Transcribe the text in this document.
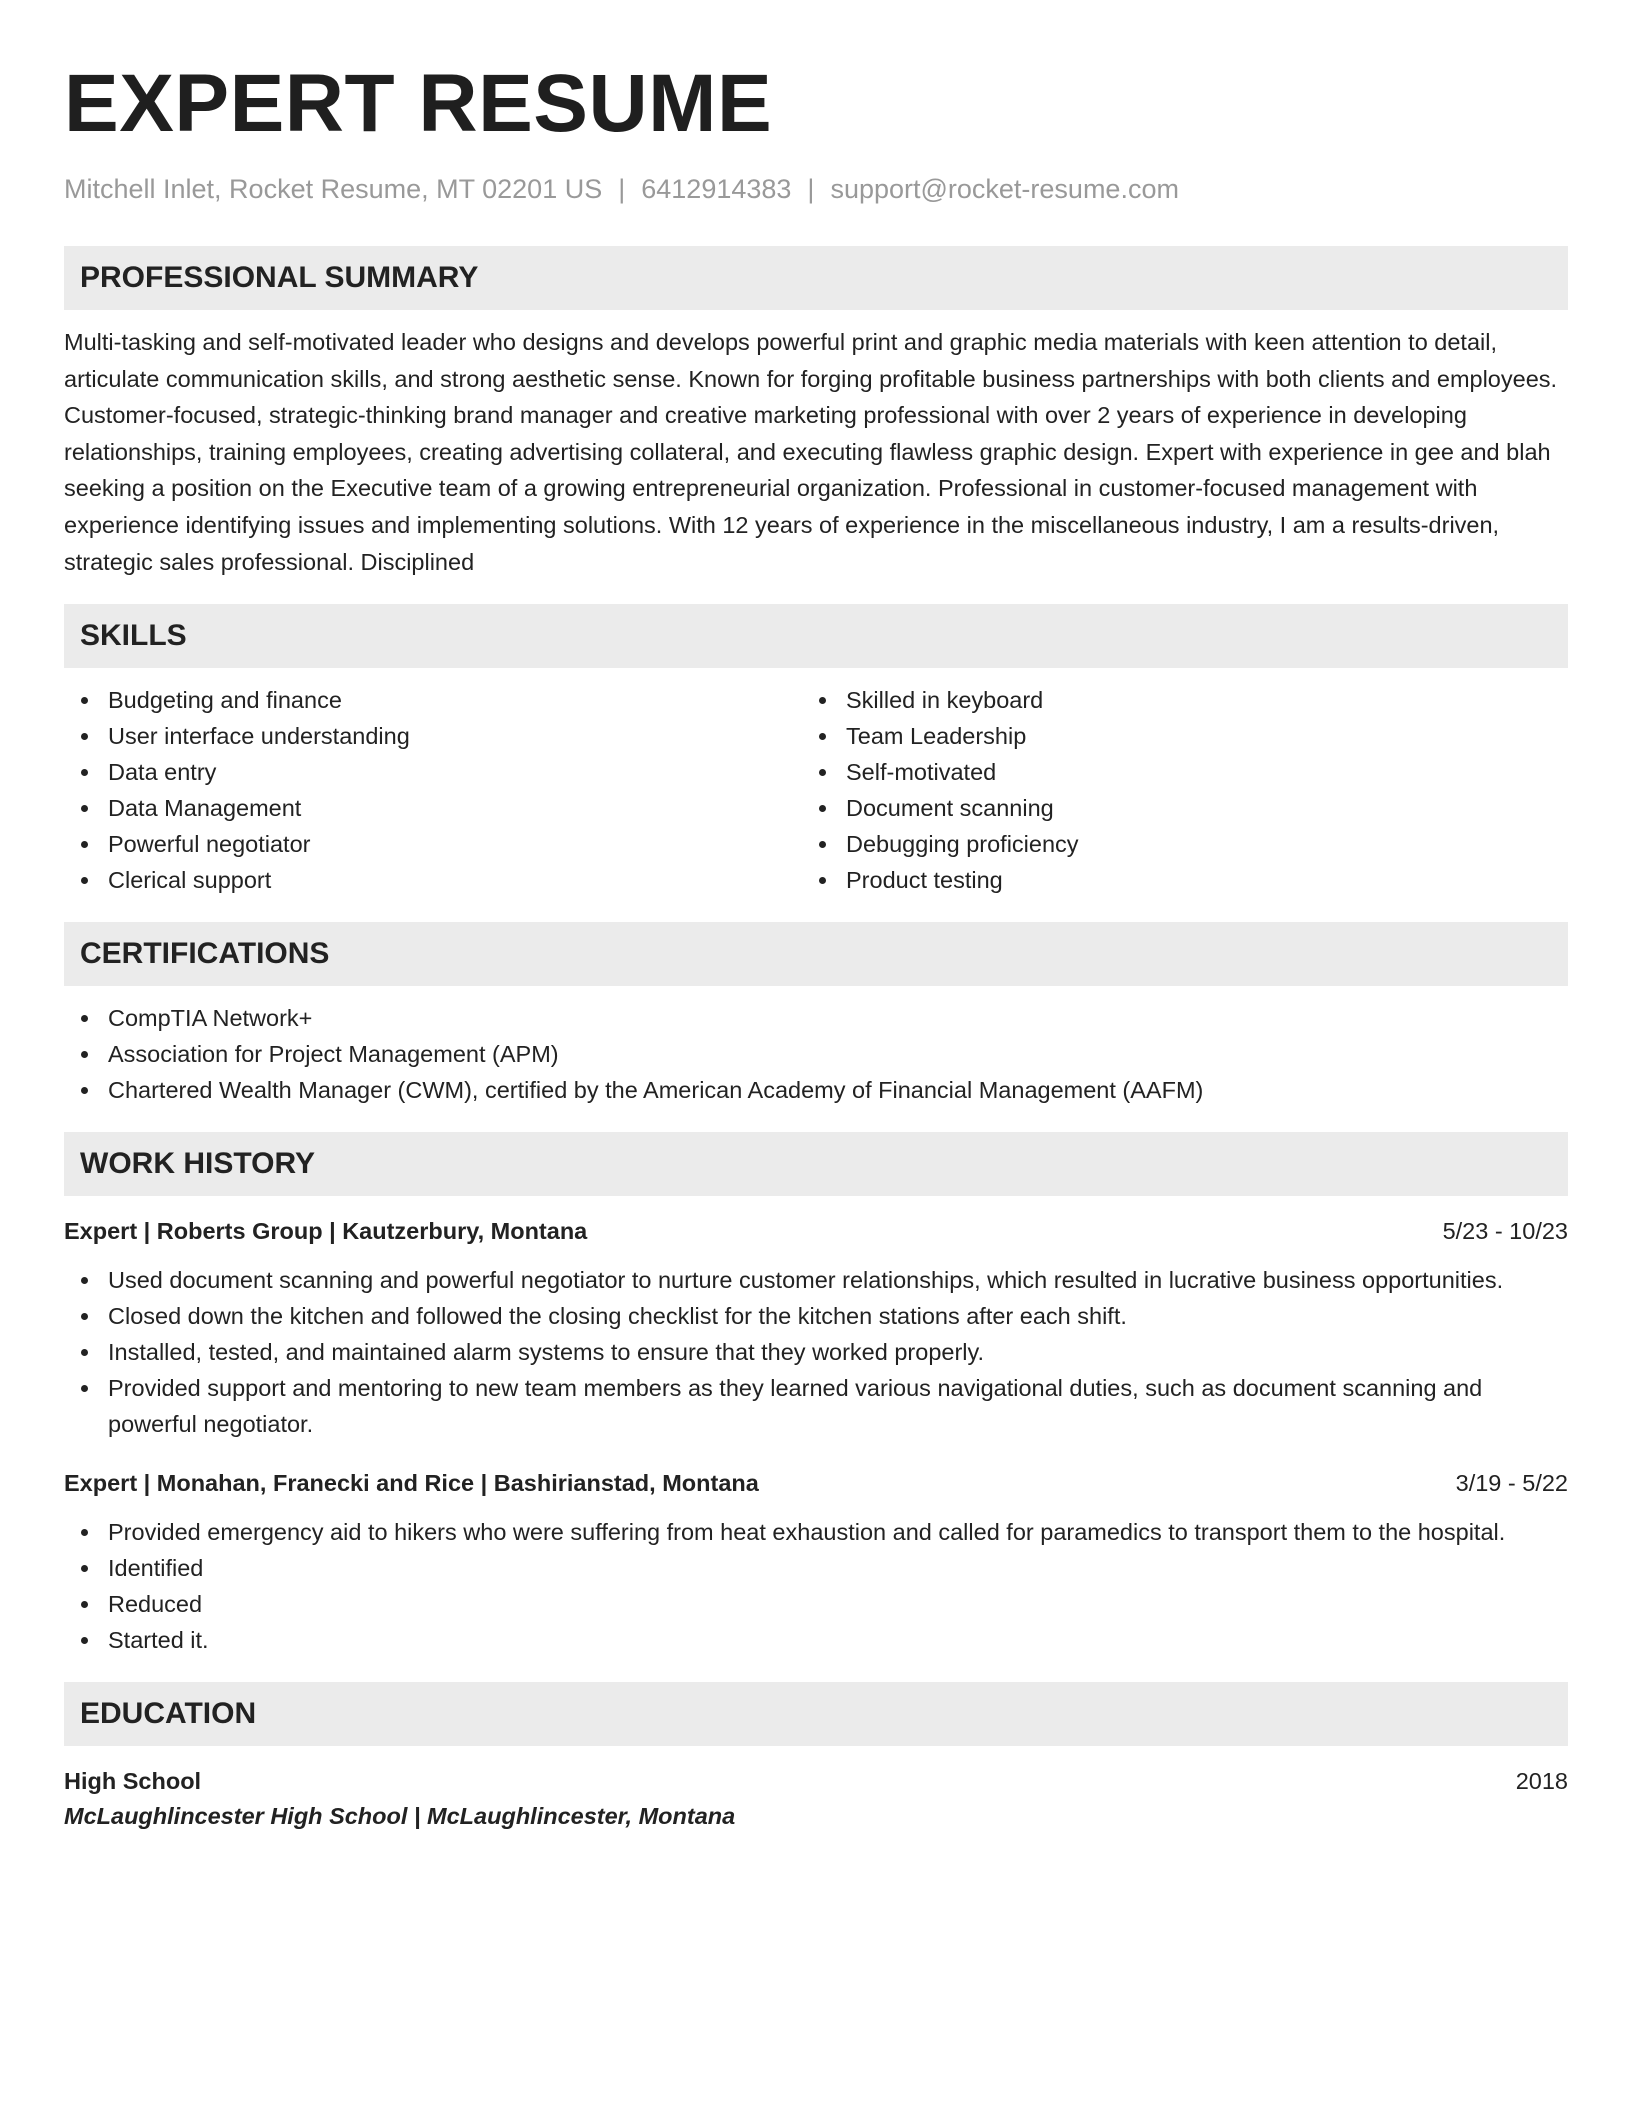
EXPERT RESUME
Mitchell Inlet, Rocket Resume, MT 02201 US | 6412914383 | support@rocket-resume.com
PROFESSIONAL SUMMARY

Multi-tasking and self-motivated leader who designs and develops powerful print and graphic media materials with keen attention to detail, articulate communication skills, and strong aesthetic sense. Known for forging profitable business partnerships with both clients and employees. Customer-focused, strategic-thinking brand manager and creative marketing professional with over 2 years of experience in developing relationships, training employees, creating advertising collateral, and executing flawless graphic design. Expert with experience in gee and blah seeking a position on the Executive team of a growing entrepreneurial organization. Professional in customer-focused management with experience identifying issues and implementing solutions. With 12 years of experience in the miscellaneous industry, I am a results-driven, strategic sales professional. Disciplined

SKILLS
Budgeting and finance
User interface understanding
Data entry
Data Management
Powerful negotiator
Clerical support
Skilled in keyboard
Team Leadership
Self-motivated
Document scanning
Debugging proficiency
Product testing
CERTIFICATIONS
CompTIA Network+
Association for Project Management (APM)
Chartered Wealth Manager (CWM), certified by the American Academy of Financial Management (AAFM)
WORK HISTORY
Expert | Roberts Group | Kautzerbury, Montana	5/23 - 10/23
Used document scanning and powerful negotiator to nurture customer relationships, which resulted in lucrative business opportunities.
Closed down the kitchen and followed the closing checklist for the kitchen stations after each shift.
Installed, tested, and maintained alarm systems to ensure that they worked properly.
Provided support and mentoring to new team members as they learned various navigational duties, such as document scanning and powerful negotiator.
Expert | Monahan, Franecki and Rice | Bashirianstad, Montana	3/19 - 5/22
Provided emergency aid to hikers who were suffering from heat exhaustion and called for paramedics to transport them to the hospital.
Identified
Reduced
Started it.
EDUCATION
High School	2018
McLaughlincester High School | McLaughlincester, Montana
